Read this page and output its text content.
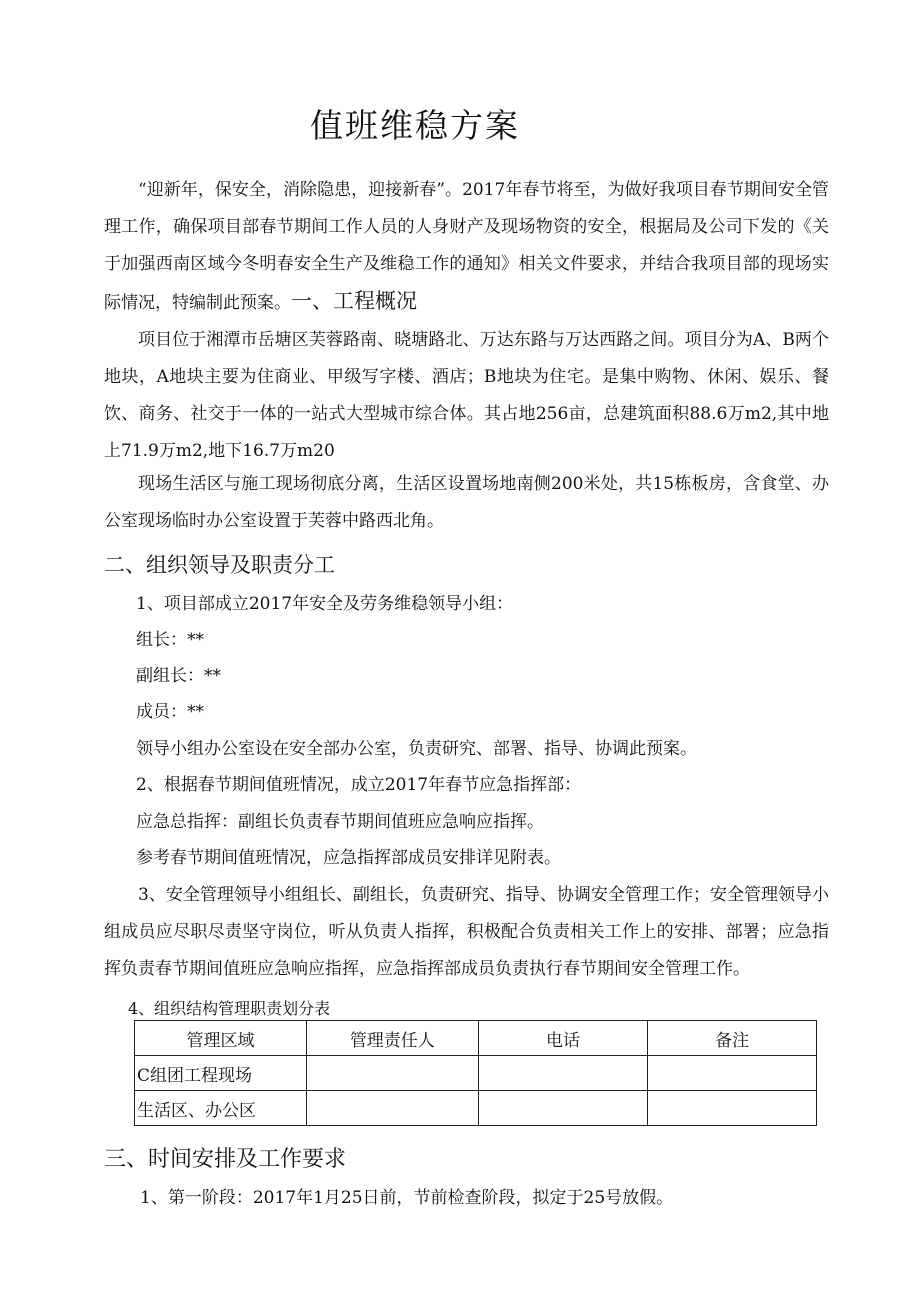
值班维稳方案

“迎新年，保安全，消除隐患，迎接新春”。2017年春节将至，为做好我项目春节期间安全管理工作，确保项目部春节期间工作人员的人身财产及现场物资的安全，根据局及公司下发的《关于加强西南区域今冬明春安全生产及维稳工作的通知》相关文件要求，并结合我项目部的现场实际情况，特编制此预案。一、工程概况

项目位于湘潭市岳塘区芙蓉路南、晓塘路北、万达东路与万达西路之间。项目分为A、B两个地块，A地块主要为住商业、甲级写字楼、酒店；B地块为住宅。是集中购物、休闲、娱乐、餐饮、商务、社交于一体的一站式大型城市综合体。其占地256亩，总建筑面积88.6万m2,其中地上71.9万m2,地下16.7万m20

现场生活区与施工现场彻底分离，生活区设置场地南侧200米处，共15栋板房，含食堂、办公室现场临时办公室设置于芙蓉中路西北角。

二、组织领导及职责分工

1、项目部成立2017年安全及劳务维稳领导小组：

组长：**

副组长：**

成员：**

领导小组办公室设在安全部办公室，负责研究、部署、指导、协调此预案。

2、根据春节期间值班情况，成立2017年春节应急指挥部：

应急总指挥：副组长负责春节期间值班应急响应指挥。

参考春节期间值班情况，应急指挥部成员安排详见附表。

3、安全管理领导小组组长、副组长，负责研究、指导、协调安全管理工作；安全管理领导小组成员应尽职尽责坚守岗位，听从负责人指挥，积极配合负责相关工作上的安排、部署；应急指挥负责春节期间值班应急响应指挥，应急指挥部成员负责执行春节期间安全管理工作。

4、组织结构管理职责划分表
管理区域	管理责任人	电话	备注
C组团工程现场			
生活区、办公区			
三、时间安排及工作要求

1、第一阶段：2017年1月25日前，节前检查阶段，拟定于25号放假。
